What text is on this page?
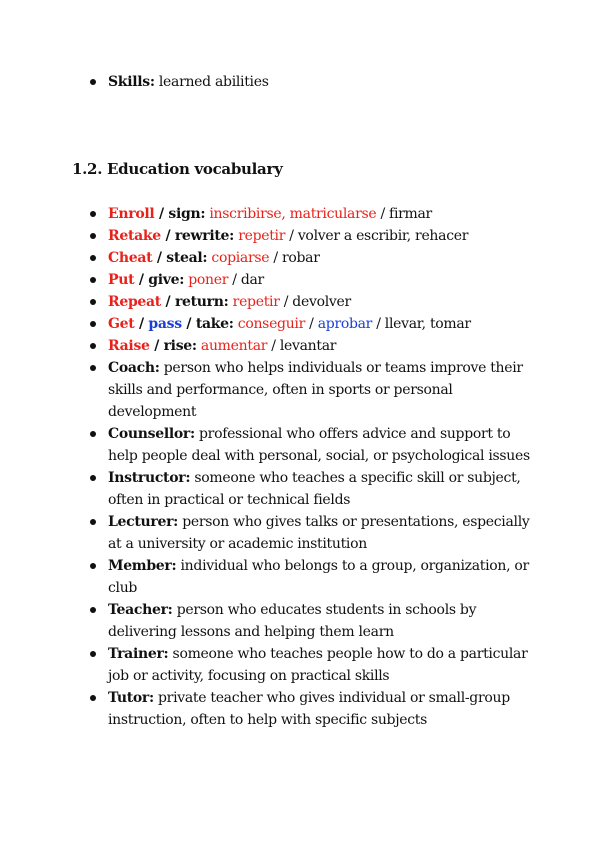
Skills: learned abilities
1.2. Education vocabulary
Enroll / sign: inscribirse, matricularse / firmar
Retake / rewrite: repetir / volver a escribir, rehacer
Cheat / steal: copiarse / robar
Put / give: poner / dar
Repeat / return: repetir / devolver
Get / pass / take: conseguir / aprobar / llevar, tomar
Raise / rise: aumentar / levantar
Coach: person who helps individuals or teams improve their skills and performance, often in sports or personal development
Counsellor: professional who offers advice and support to help people deal with personal, social, or psychological issues
Instructor: someone who teaches a specific skill or subject, often in practical or technical fields
Lecturer: person who gives talks or presentations, especially at a university or academic institution
Member: individual who belongs to a group, organization, or club
Teacher: person who educates students in schools by delivering lessons and helping them learn
Trainer: someone who teaches people how to do a particular job or activity, focusing on practical skills
Tutor: private teacher who gives individual or small-group instruction, often to help with specific subjects
